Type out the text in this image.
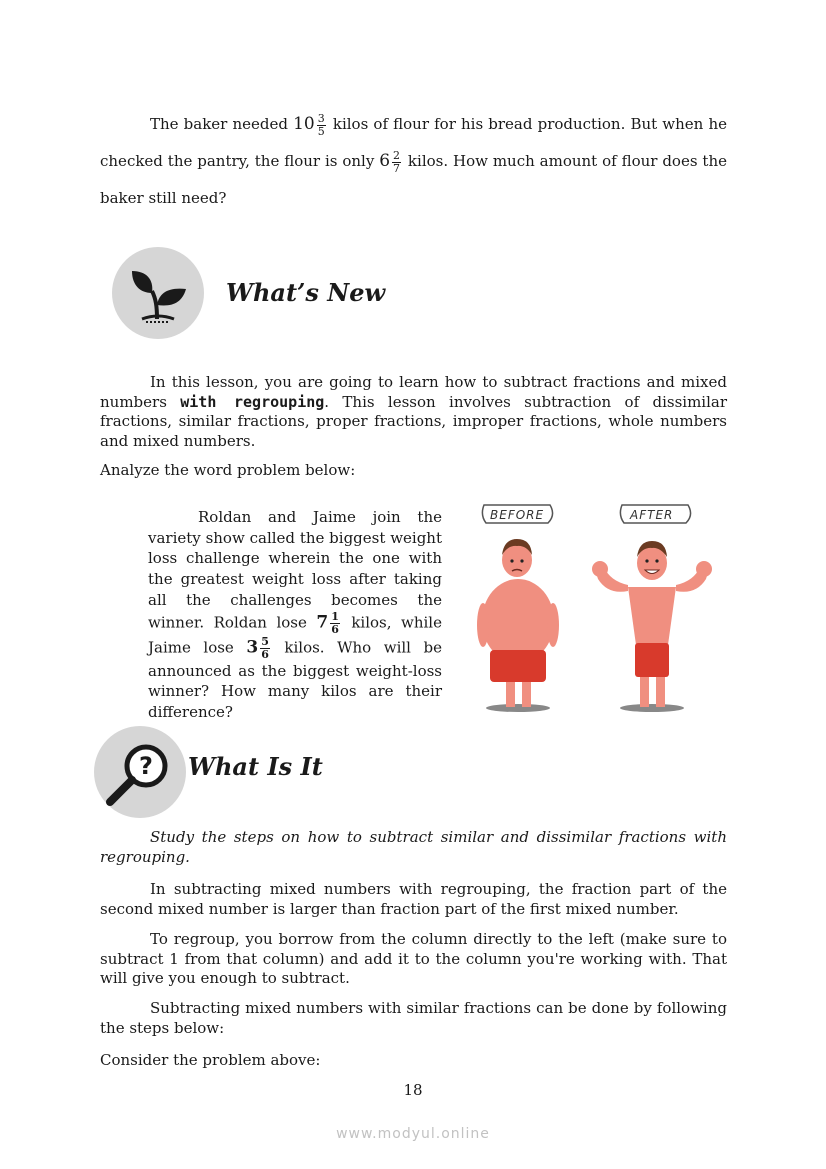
The baker needed $10 \frac{3}{5}$ kilos of flour for his bread production. But when he checked the pantry, the flour is only $6 \frac{2}{7}$ kilos. How much amount of flour does the baker still need?

What’s New

In this lesson, you are going to learn how to subtract fractions and mixed numbers with regrouping. This lesson involves subtraction of dissimilar fractions, similar fractions, proper fractions, improper fractions, whole numbers and mixed numbers.

Analyze the word problem below:

Roldan and Jaime join the variety show called the biggest weight loss challenge wherein the one with the greatest weight loss after taking all the challenges becomes the winner. Roldan lose $7 \frac{1}{6}$ kilos, while Jaime lose $3 \frac{5}{6}$ kilos. Who will be announced as the biggest weight-loss winner? How many kilos are their difference?

BEFORE	AFTER
? What Is It

Study the steps on how to subtract similar and dissimilar fractions with regrouping.

In subtracting mixed numbers with regrouping, the fraction part of the second mixed number is larger than fraction part of the first mixed number.

To regroup, you borrow from the column directly to the left (make sure to subtract 1 from that column) and add it to the column you're working with. That will give you enough to subtract.

Subtracting mixed numbers with similar fractions can be done by following the steps below:

Consider the problem above:

18
www.modyul.online
